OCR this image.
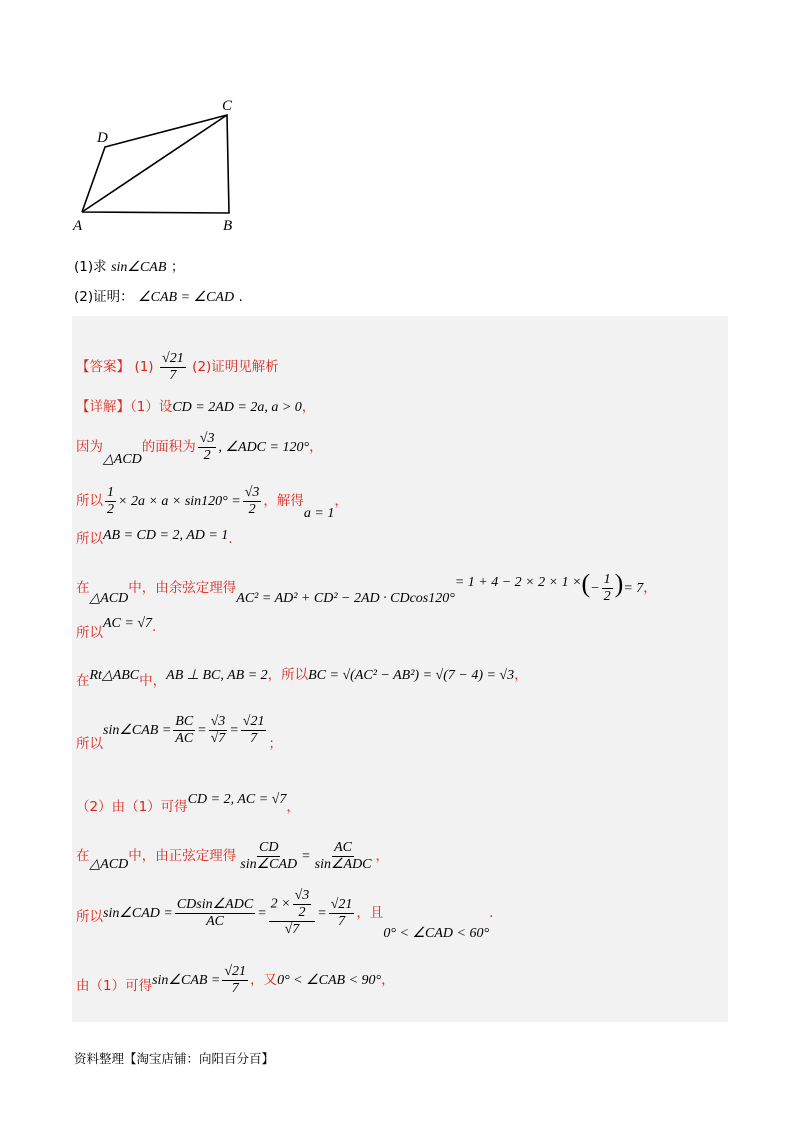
A	B
C
D
(1)求 sin∠CAB ；
(2)证明： ∠CAB = ∠CAD .
【答案】 $(1) \frac{√21}{7} (2)$证明见解析
【详解】（1）设CD = 2AD = 2a, a > 0，
因为△ACD的面积为 $\frac{√3}{2}$ , ∠ADC = 120°，
所以 $\frac{1}{2} \times 2a \times a \times \sin 120^\circ = \frac{√3}{2}$ ，解得a = 1，
所以AB = CD = 2, AD = 1.
在△ACD中，由余弦定理得AC² = AD² + CD² − 2AD · CDcos120°= 1 + 4 − 2 × 2 × 1 ×(− $\frac{1}{2}$ )= 7，
所以AC = √7.
在Rt△ABC中，AB ⊥ BC, AB = 2，所以BC = √(AC² − AB²) = √(7 − 4) = √3，
所以sin∠CAB = $\frac{BC}{AC} = \frac{√3}{√7} = \frac{√21}{7}$ ；
（2）由（1）可得CD = 2, AC = √7，
在△ACD中，由正弦定理得 $\frac{CD}{\text{sin∠CAD}} = \frac{AC}{\text{sin∠ADC}}$ ，
所以sin∠CAD = $\frac{\text{CDsin∠ADC}}{AC} = \frac{2 \times \frac{√3}{2}}{√7} = \frac{√21}{7}$ ，且0° < ∠CAD < 60°.
由（1）可得sin∠CAB = $\frac{√21}{7}$ ，又0° < ∠CAB < 90°，
资料整理【淘宝店铺：向阳百分百】
